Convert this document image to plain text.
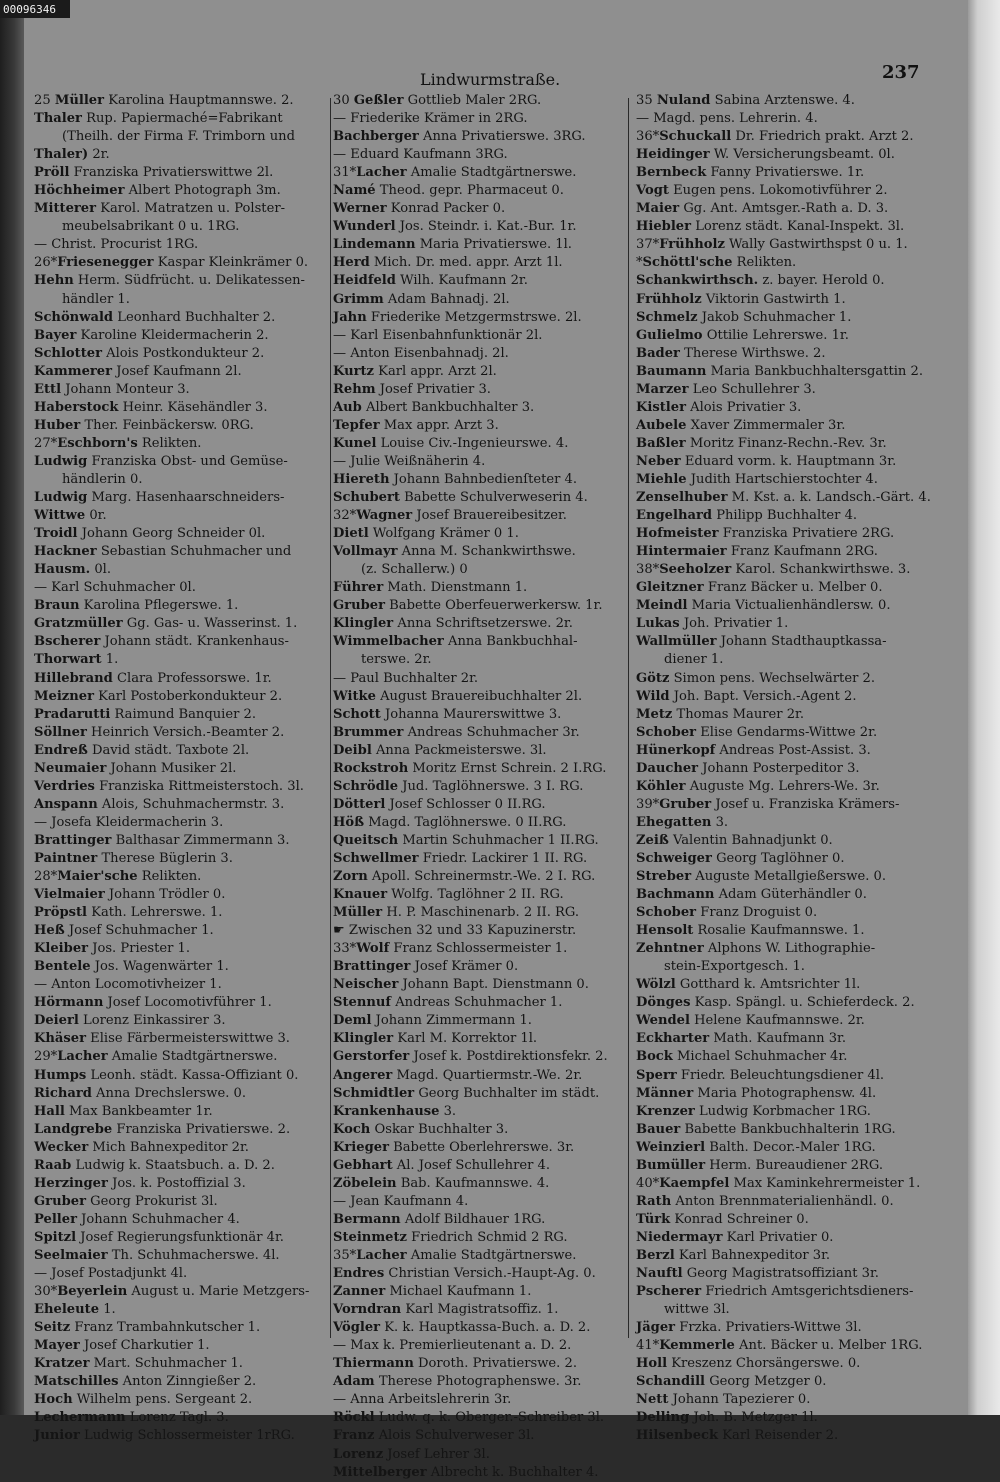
00096346
Lindwurmstraße.	237
25 Müller Karolina Hauptmannswe. 2.
Thaler Rup. Papiermaché=Fabrikant
(Theilh. der Firma F. Trimborn und
Thaler) 2r.
Pröll Franziska Privatierswittwe 2l.
Höchheimer Albert Photograph 3m.
Mitterer Karol. Matratzen u. Polster-
meubelsabrikant 0 u. 1RG.
— Christ. Procurist 1RG.
26*Friesenegger Kaspar Kleinkrämer 0.
Hehn Herm. Südfrücht. u. Delikatessen-
händler 1.
Schönwald Leonhard Buchhalter 2.
Bayer Karoline Kleidermacherin 2.
Schlotter Alois Postkondukteur 2.
Kammerer Josef Kaufmann 2l.
Ettl Johann Monteur 3.
Haberstock Heinr. Käsehändler 3.
Huber Ther. Feinbäckersw. 0RG.
27*Eschborn's Relikten.
Ludwig Franziska Obst- und Gemüse-
händlerin 0.
Ludwig Marg. Hasenhaarschneiders-
Wittwe 0r.
Troidl Johann Georg Schneider 0l.
Hackner Sebastian Schuhmacher und
Hausm. 0l.
— Karl Schuhmacher 0l.
Braun Karolina Pflegerswe. 1.
Gratzmüller Gg. Gas- u. Wasserinst. 1.
Bscherer Johann städt. Krankenhaus-
Thorwart 1.
Hillebrand Clara Professorswe. 1r.
Meizner Karl Postoberkondukteur 2.
Pradarutti Raimund Banquier 2.
Söllner Heinrich Versich.-Beamter 2.
Endreß David städt. Taxbote 2l.
Neumaier Johann Musiker 2l.
Verdries Franziska Rittmeisterstoch. 3l.
Anspann Alois, Schuhmachermstr. 3.
— Josefa Kleidermacherin 3.
Brattinger Balthasar Zimmermann 3.
Paintner Therese Büglerin 3.
28*Maier'sche Relikten.
Vielmaier Johann Trödler 0.
Pröpstl Kath. Lehrerswe. 1.
Heß Josef Schuhmacher 1.
Kleiber Jos. Priester 1.
Bentele Jos. Wagenwärter 1.
— Anton Locomotivheizer 1.
Hörmann Josef Locomotivführer 1.
Deierl Lorenz Einkassirer 3.
Khäser Elise Färbermeisterswittwe 3.
29*Lacher Amalie Stadtgärtnerswe.
Humps Leonh. städt. Kassa-Offiziant 0.
Richard Anna Drechslerswe. 0.
Hall Max Bankbeamter 1r.
Landgrebe Franziska Privatierswe. 2.
Wecker Mich Bahnexpeditor 2r.
Raab Ludwig k. Staatsbuch. a. D. 2.
Herzinger Jos. k. Postoffizial 3.
Gruber Georg Prokurist 3l.
Peller Johann Schuhmacher 4.
Spitzl Josef Regierungsfunktionär 4r.
Seelmaier Th. Schuhmacherswe. 4l.
— Josef Postadjunkt 4l.
30*Beyerlein August u. Marie Metzgers-
Eheleute 1.
Seitz Franz Trambahnkutscher 1.
Mayer Josef Charkutier 1.
Kratzer Mart. Schuhmacher 1.
Matschilles Anton Zinngießer 2.
Hoch Wilhelm pens. Sergeant 2.
Lechermann Lorenz Tagl. 3.
Junior Ludwig Schlossermeister 1rRG.
30 Geßler Gottlieb Maler 2RG.
— Friederike Krämer in 2RG.
Bachberger Anna Privatierswe. 3RG.
— Eduard Kaufmann 3RG.
31*Lacher Amalie Stadtgärtnerswe.
Namé Theod. gepr. Pharmaceut 0.
Werner Konrad Packer 0.
Wunderl Jos. Steindr. i. Kat.-Bur. 1r.
Lindemann Maria Privatierswe. 1l.
Herd Mich. Dr. med. appr. Arzt 1l.
Heidfeld Wilh. Kaufmann 2r.
Grimm Adam Bahnadj. 2l.
Jahn Friederike Metzgermstrswe. 2l.
— Karl Eisenbahnfunktionär 2l.
— Anton Eisenbahnadj. 2l.
Kurtz Karl appr. Arzt 2l.
Rehm Josef Privatier 3.
Aub Albert Bankbuchhalter 3.
Tepfer Max appr. Arzt 3.
Kunel Louise Civ.-Ingenieurswe. 4.
— Julie Weißnäherin 4.
Hiereth Johann Bahnbedienſteter 4.
Schubert Babette Schulverweserin 4.
32*Wagner Josef Brauereibesitzer.
Dietl Wolfgang Krämer 0 1.
Vollmayr Anna M. Schankwirthswe.
(z. Schallerw.) 0
Führer Math. Dienstmann 1.
Gruber Babette Oberfeuerwerkersw. 1r.
Klingler Anna Schriftsetzerswe. 2r.
Wimmelbacher Anna Bankbuchhal-
terswe. 2r.
— Paul Buchhalter 2r.
Witke August Brauereibuchhalter 2l.
Schott Johanna Maurerswittwe 3.
Brummer Andreas Schuhmacher 3r.
Deibl Anna Packmeisterswe. 3l.
Rockstroh Moritz Ernst Schrein. 2 I.RG.
Schrödle Jud. Taglöhnerswe. 3 I. RG.
Dötterl Josef Schlosser 0 II.RG.
Höß Magd. Taglöhnerswe. 0 II.RG.
Queitsch Martin Schuhmacher 1 II.RG.
Schwellmer Friedr. Lackirer 1 II. RG.
Zorn Apoll. Schreinermstr.-We. 2 I. RG.
Knauer Wolfg. Taglöhner 2 II. RG.
Müller H. P. Maschinenarb. 2 II. RG.
☛ Zwischen 32 und 33 Kapuzinerstr.
33*Wolf Franz Schlossermeister 1.
Brattinger Josef Krämer 0.
Neischer Johann Bapt. Dienstmann 0.
Stennuf Andreas Schuhmacher 1.
Deml Johann Zimmermann 1.
Klingler Karl M. Korrektor 1l.
Gerstorfer Josef k. Postdirektionsfekr. 2.
Angerer Magd. Quartiermstr.-We. 2r.
Schmidtler Georg Buchhalter im städt.
Krankenhause 3.
Koch Oskar Buchhalter 3.
Krieger Babette Oberlehrerswe. 3r.
Gebhart Al. Josef Schullehrer 4.
Zöbelein Bab. Kaufmannswe. 4.
— Jean Kaufmann 4.
Bermann Adolf Bildhauer 1RG.
Steinmetz Friedrich Schmid 2 RG.
35*Lacher Amalie Stadtgärtnerswe.
Endres Christian Versich.-Haupt-Ag. 0.
Zanner Michael Kaufmann 1.
Vorndran Karl Magistratsoffiz. 1.
Vögler K. k. Hauptkassa-Buch. a. D. 2.
— Max k. Premierlieutenant a. D. 2.
Thiermann Doroth. Privatierswe. 2.
Adam Therese Photographenswe. 3r.
— Anna Arbeitslehrerin 3r.
Röckl Ludw. q. k. Oberger.-Schreiber 3l.
Franz Alois Schulverweser 3l.
Lorenz Josef Lehrer 3l.
Mittelberger Albrecht k. Buchhalter 4.
35 Nuland Sabina Arztenswe. 4.
— Magd. pens. Lehrerin. 4.
36*Schuckall Dr. Friedrich prakt. Arzt 2.
Heidinger W. Versicherungsbeamt. 0l.
Bernbeck Fanny Privatierswe. 1r.
Vogt Eugen pens. Lokomotivführer 2.
Maier Gg. Ant. Amtsger.-Rath a. D. 3.
Hiebler Lorenz städt. Kanal-Inspekt. 3l.
37*Frühholz Wally Gastwirthspst 0 u. 1.
*Schöttl'sche Relikten.
Schankwirthsch. z. bayer. Herold 0.
Frühholz Viktorin Gastwirth 1.
Schmelz Jakob Schuhmacher 1.
Gulielmo Ottilie Lehrerswe. 1r.
Bader Therese Wirthswe. 2.
Baumann Maria Bankbuchhaltersgattin 2.
Marzer Leo Schullehrer 3.
Kistler Alois Privatier 3.
Aubele Xaver Zimmermaler 3r.
Baßler Moritz Finanz-Rechn.-Rev. 3r.
Neber Eduard vorm. k. Hauptmann 3r.
Miehle Judith Hartschierstochter 4.
Zenselhuber M. Kst. a. k. Landsch.-Gärt. 4.
Engelhard Philipp Buchhalter 4.
Hofmeister Franziska Privatiere 2RG.
Hintermaier Franz Kaufmann 2RG.
38*Seeholzer Karol. Schankwirthswe. 3.
Gleitzner Franz Bäcker u. Melber 0.
Meindl Maria Victualienhändlersw. 0.
Lukas Joh. Privatier 1.
Wallmüller Johann Stadthauptkassa-
diener 1.
Götz Simon pens. Wechselwärter 2.
Wild Joh. Bapt. Versich.-Agent 2.
Metz Thomas Maurer 2r.
Schober Elise Gendarms-Wittwe 2r.
Hünerkopf Andreas Post-Assist. 3.
Daucher Johann Posterpeditor 3.
Köhler Auguste Mg. Lehrers-We. 3r.
39*Gruber Josef u. Franziska Krämers-
Ehegatten 3.
Zeiß Valentin Bahnadjunkt 0.
Schweiger Georg Taglöhner 0.
Streber Auguste Metallgießerswe. 0.
Bachmann Adam Güterhändler 0.
Schober Franz Droguist 0.
Hensolt Rosalie Kaufmannswe. 1.
Zehntner Alphons W. Lithographie-
stein-Exportgesch. 1.
Wölzl Gotthard k. Amtsrichter 1l.
Dönges Kasp. Spängl. u. Schieferdeck. 2.
Wendel Helene Kaufmannswe. 2r.
Eckharter Math. Kaufmann 3r.
Bock Michael Schuhmacher 4r.
Sperr Friedr. Beleuchtungsdiener 4l.
Männer Maria Photographensw. 4l.
Krenzer Ludwig Korbmacher 1RG.
Bauer Babette Bankbuchhalterin 1RG.
Weinzierl Balth. Decor.-Maler 1RG.
Bumüller Herm. Bureaudiener 2RG.
40*Kaempfel Max Kaminkehrermeister 1.
Rath Anton Brennmaterialienhändl. 0.
Türk Konrad Schreiner 0.
Niedermayr Karl Privatier 0.
Berzl Karl Bahnexpeditor 3r.
Nauftl Georg Magistratsoffiziant 3r.
Pscherer Friedrich Amtsgerichtsdieners-
wittwe 3l.
Jäger Frzka. Privatiers-Wittwe 3l.
41*Kemmerle Ant. Bäcker u. Melber 1RG.
Holl Kreszenz Chorsängerswe. 0.
Schandill Georg Metzger 0.
Nett Johann Tapezierer 0.
Delling Joh. B. Metzger 1l.
Hilsenbeck Karl Reisender 2.
